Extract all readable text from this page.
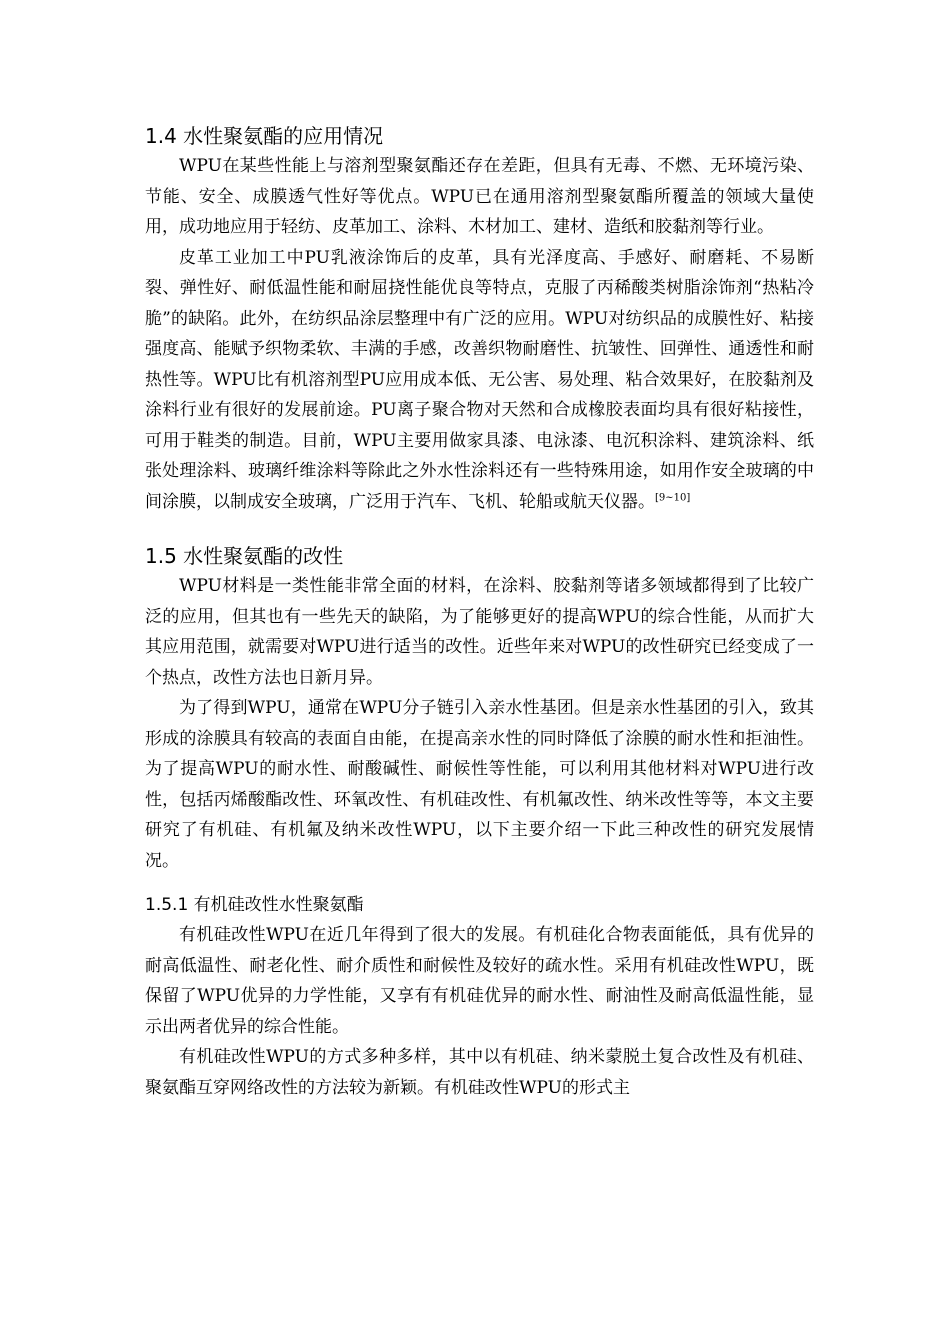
1.4 水性聚氨酯的应用情况

WPU在某些性能上与溶剂型聚氨酯还存在差距，但具有无毒、不燃、无环境污染、节能、安全、成膜透气性好等优点。WPU已在通用溶剂型聚氨酯所覆盖的领域大量使用，成功地应用于轻纺、皮革加工、涂料、木材加工、建材、造纸和胶黏剂等行业。

皮革工业加工中PU乳液涂饰后的皮革，具有光泽度高、手感好、耐磨耗、不易断裂、弹性好、耐低温性能和耐屈挠性能优良等特点，克服了丙稀酸类树脂涂饰剂“热粘冷脆”的缺陷。此外，在纺织品涂层整理中有广泛的应用。WPU对纺织品的成膜性好、粘接强度高、能赋予织物柔软、丰满的手感，改善织物耐磨性、抗皱性、回弹性、通透性和耐热性等。WPU比有机溶剂型PU应用成本低、无公害、易处理、粘合效果好，在胶黏剂及涂料行业有很好的发展前途。PU离子聚合物对天然和合成橡胶表面均具有很好粘接性，可用于鞋类的制造。目前，WPU主要用做家具漆、电泳漆、电沉积涂料、建筑涂料、纸张处理涂料、玻璃纤维涂料等除此之外水性涂料还有一些特殊用途，如用作安全玻璃的中间涂膜，以制成安全玻璃，广泛用于汽车、飞机、轮船或航天仪器。[9~10]

1.5 水性聚氨酯的改性

WPU材料是一类性能非常全面的材料，在涂料、胶黏剂等诸多领域都得到了比较广泛的应用，但其也有一些先天的缺陷，为了能够更好的提高WPU的综合性能，从而扩大其应用范围，就需要对WPU进行适当的改性。近些年来对WPU的改性研究已经变成了一个热点，改性方法也日新月异。

为了得到WPU，通常在WPU分子链引入亲水性基团。但是亲水性基团的引入，致其形成的涂膜具有较高的表面自由能，在提高亲水性的同时降低了涂膜的耐水性和拒油性。为了提高WPU的耐水性、耐酸碱性、耐候性等性能，可以利用其他材料对WPU进行改性，包括丙烯酸酯改性、环氧改性、有机硅改性、有机氟改性、纳米改性等等，本文主要研究了有机硅、有机氟及纳米改性WPU，以下主要介绍一下此三种改性的研究发展情况。

1.5.1 有机硅改性水性聚氨酯

有机硅改性WPU在近几年得到了很大的发展。有机硅化合物表面能低，具有优异的耐高低温性、耐老化性、耐介质性和耐候性及较好的疏水性。采用有机硅改性WPU，既保留了WPU优异的力学性能，又享有有机硅优异的耐水性、耐油性及耐高低温性能，显示出两者优异的综合性能。

有机硅改性WPU的方式多种多样，其中以有机硅、纳米蒙脱土复合改性及有机硅、聚氨酯互穿网络改性的方法较为新颖。有机硅改性WPU的形式主
